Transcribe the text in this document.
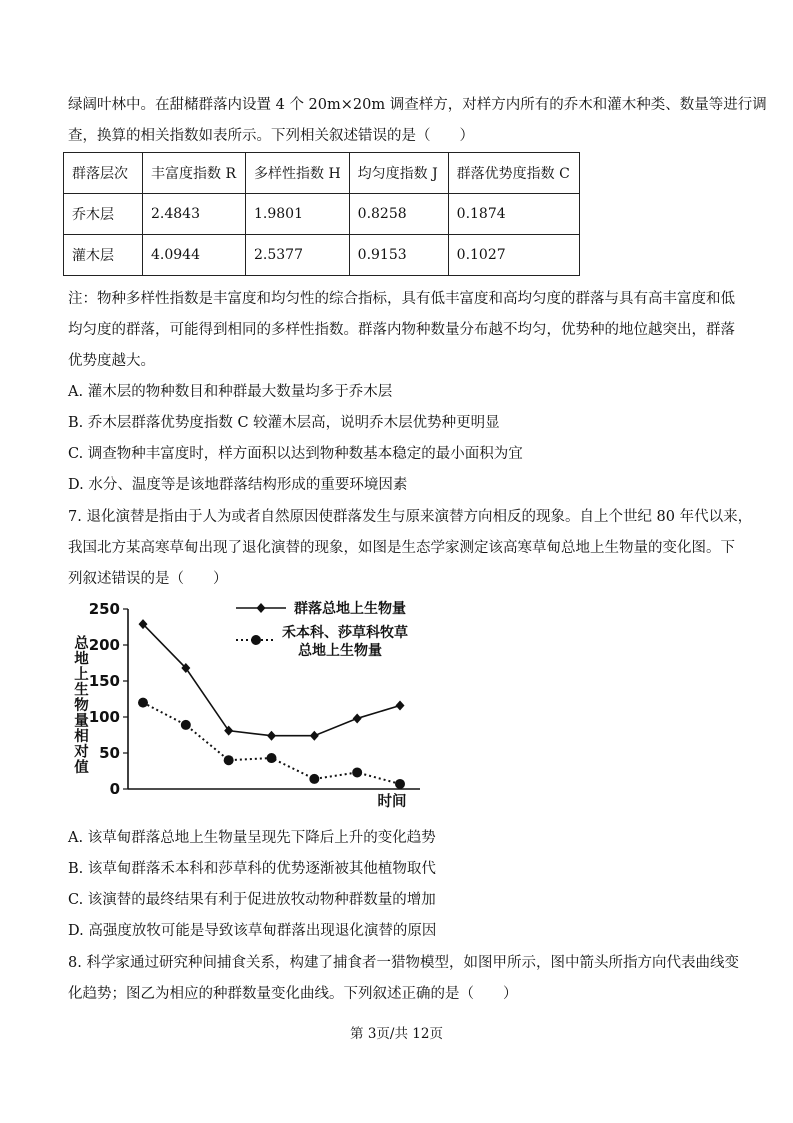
绿阔叶林中。在甜槠群落内设置 4 个 20m×20m 调查样方，对样方内所有的乔木和灌木种类、数量等进行调
查，换算的相关指数如表所示。下列相关叙述错误的是（　　）
群落层次	丰富度指数 R	多样性指数 H	均匀度指数 J	群落优势度指数 C
乔木层	2.4843	1.9801	0.8258	0.1874
灌木层	4.0944	2.5377	0.9153	0.1027
注：物种多样性指数是丰富度和均匀性的综合指标，具有低丰富度和高均匀度的群落与具有高丰富度和低
均匀度的群落，可能得到相同的多样性指数。群落内物种数量分布越不均匀，优势种的地位越突出，群落
优势度越大。
A. 灌木层的物种数目和种群最大数量均多于乔木层
B. 乔木层群落优势度指数 C 较灌木层高，说明乔木层优势种更明显
C. 调查物种丰富度时，样方面积以达到物种数基本稳定的最小面积为宜
D. 水分、温度等是该地群落结构形成的重要环境因素
7. 退化演替是指由于人为或者自然原因使群落发生与原来演替方向相反的现象。自上个世纪 80 年代以来，
我国北方某高寒草甸出现了退化演替的现象，如图是生态学家测定该高寒草甸总地上生物量的变化图。下
列叙述错误的是（　　）
0
50
100
150
200
250
总地上生物量相对值
时间
群落总地上生物量
禾本科、莎草科牧草
总地上生物量
A. 该草甸群落总地上生物量呈现先下降后上升的变化趋势
B. 该草甸群落禾本科和莎草科的优势逐渐被其他植物取代
C. 该演替的最终结果有利于促进放牧动物种群数量的增加
D. 高强度放牧可能是导致该草甸群落出现退化演替的原因
8. 科学家通过研究种间捕食关系，构建了捕食者一猎物模型，如图甲所示，图中箭头所指方向代表曲线变
化趋势；图乙为相应的种群数量变化曲线。下列叙述正确的是（　　）
第 3页/共 12页
